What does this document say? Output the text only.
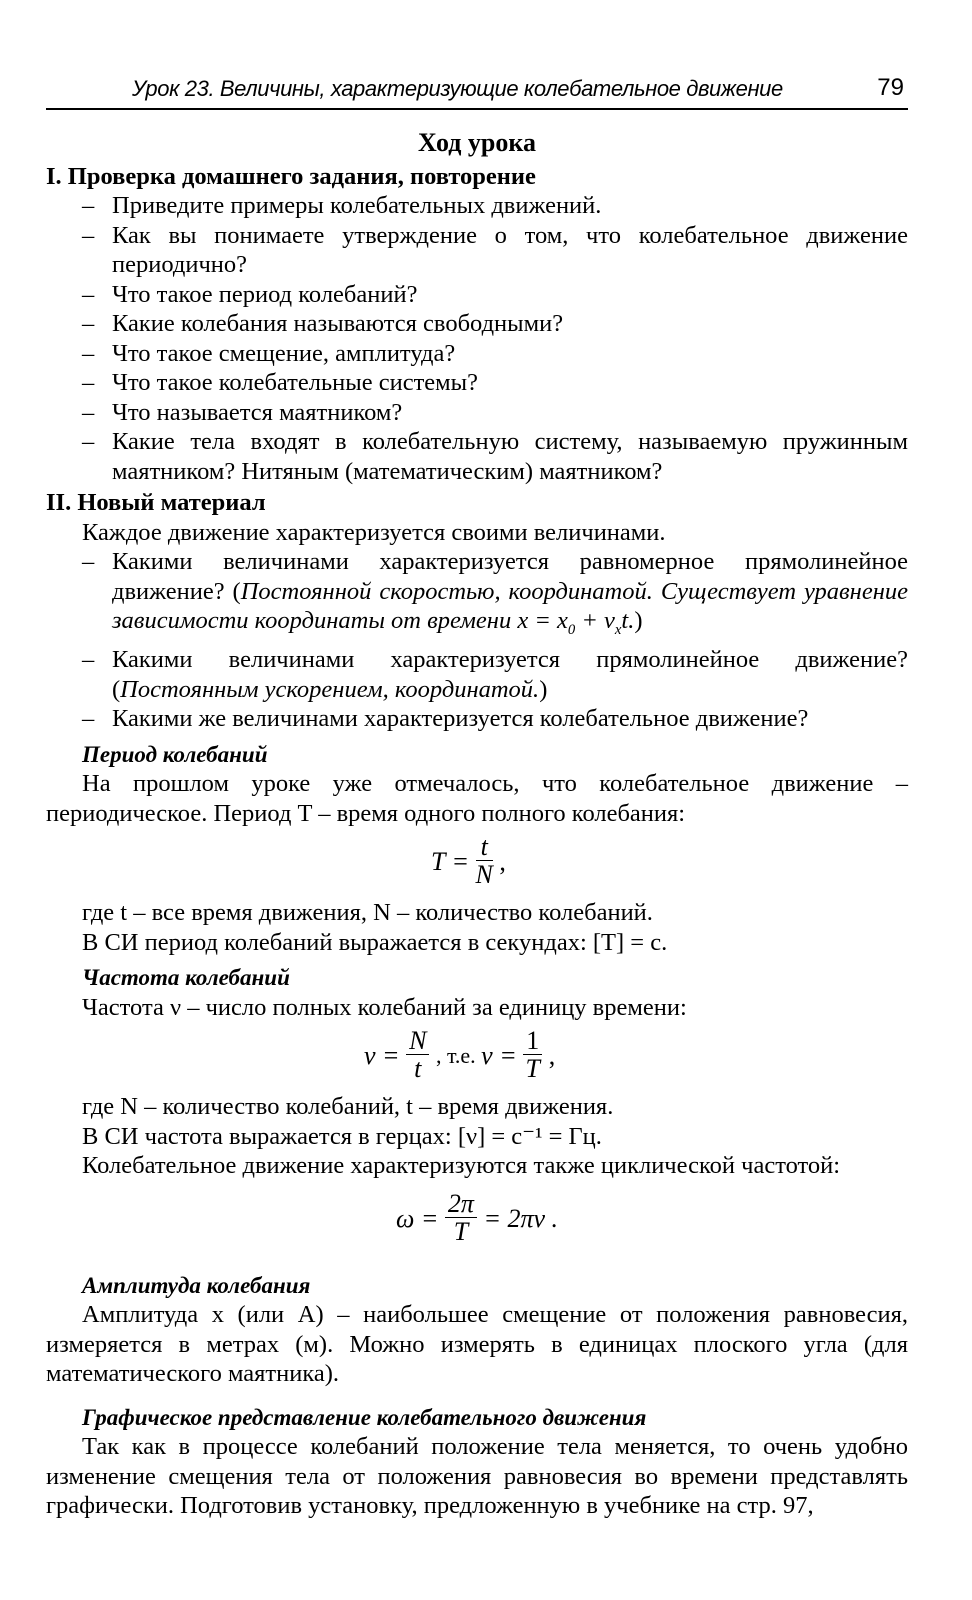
Урок 23. Величины, характеризующие колебательное движение	79
Ход урока
I. Проверка домашнего задания, повторение
– Приведите примеры колебательных движений.
– Как вы понимаете утверждение о том, что колебательное движение периодично?
– Что такое период колебаний?
– Какие колебания называются свободными?
– Что такое смещение, амплитуда?
– Что такое колебательные системы?
– Что называется маятником?
– Какие тела входят в колебательную систему, называемую пружинным маятником? Нитяным (математическим) маятником?
II. Новый материал

Каждое движение характеризуется своими величинами.

– Какими величинами характеризуется равномерное прямолинейное движение? (Постоянной скоростью, координатой. Существует уравнение зависимости координаты от времени $x = x_0 + v_xt$.)
– Какими величинами характеризуется прямолинейное движение? (Постоянным ускорением, координатой.)
– Какими же величинами характеризуется колебательное движение?
Период колебаний

На прошлом уроке уже отмечалось, что колебательное движение – периодическое. Период T – время одного полного колебания:

$T = \frac{t}{N}$ ,

где t – все время движения, N – количество колебаний.

В СИ период колебаний выражается в секундах: [T] = с.

Частота колебаний

Частота ν – число полных колебаний за единицу времени:

$\nu = \frac{N}{t}$ , т.е. $\nu = \frac{1}{T}$ ,

где N – количество колебаний, t – время движения.

В СИ частота выражается в герцах: [ν] = с⁻¹ = Гц.

Колебательное движение характеризуются также циклической частотой:

$\omega = \frac{2\pi}{T} = 2\pi\nu$ .
Амплитуда колебания

Амплитуда x (или А) – наибольшее смещение от положения равновесия, измеряется в метрах (м). Можно измерять в единицах плоского угла (для математического маятника).

Графическое представление колебательного движения

Так как в процессе колебаний положение тела меняется, то очень удобно изменение смещения тела от положения равновесия во времени представлять графически. Подготовив установку, предложенную в учебнике на стр. 97,
